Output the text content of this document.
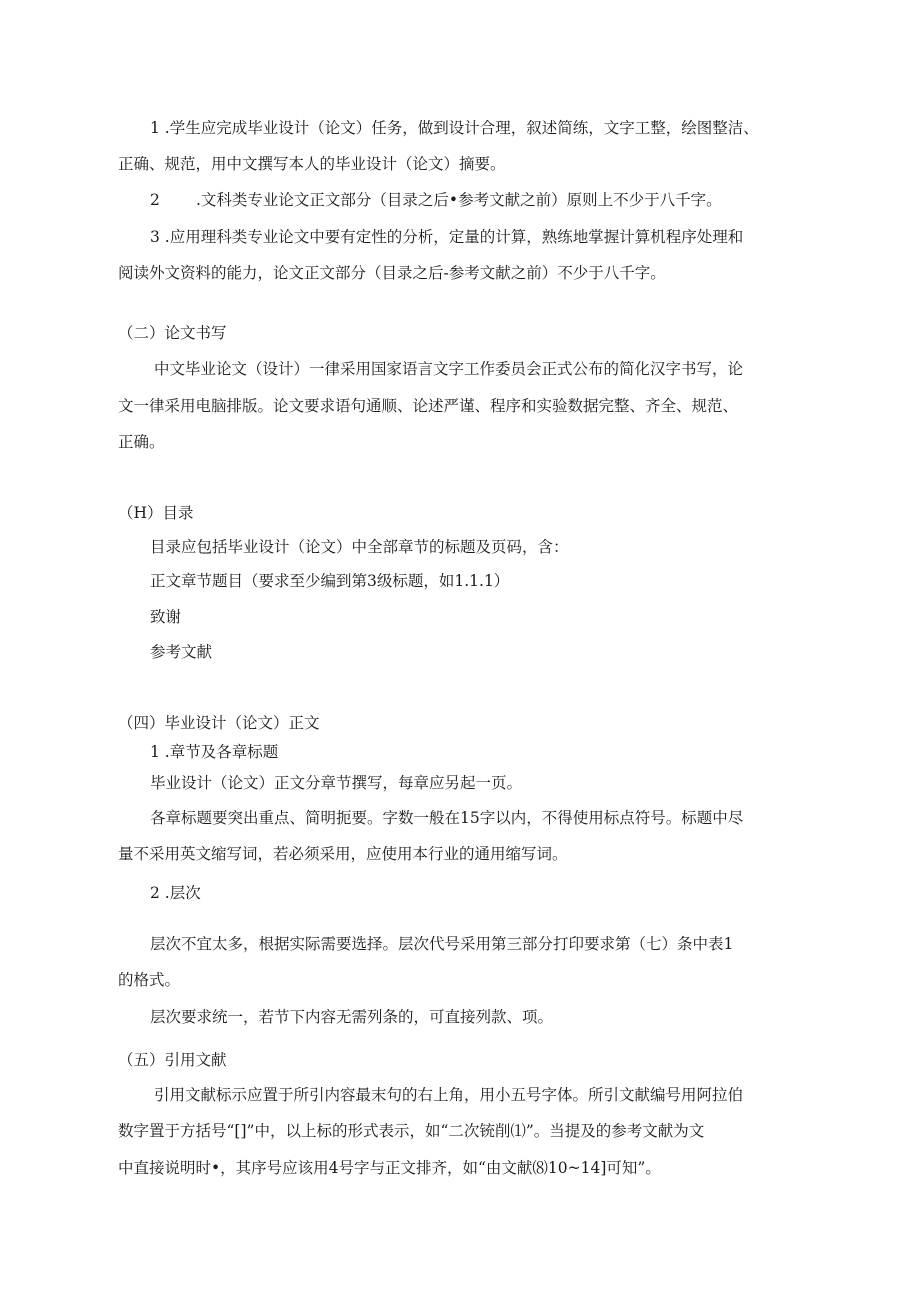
1 .学生应完成毕业设计（论文）任务，做到设计合理，叙述简练，文字工整，绘图整洁、
正确、规范，用中文撰写本人的毕业设计（论文）摘要。
2 .文科类专业论文正文部分（目录之后•参考文献之前）原则上不少于八千字。
3 .应用理科类专业论文中要有定性的分析，定量的计算，熟练地掌握计算机程序处理和
阅读外文资料的能力，论文正文部分（目录之后-参考文献之前）不少于八千字。
（二）论文书写
中文毕业论文（设计）一律采用国家语言文字工作委员会正式公布的简化汉字书写，论
文一律采用电脑排版。论文要求语句通顺、论述严谨、程序和实验数据完整、齐全、规范、
正确。
（H）目录
目录应包括毕业设计（论文）中全部章节的标题及页码，含：
正文章节题目（要求至少编到第3级标题，如1.1.1）
致谢
参考文献
（四）毕业设计（论文）正文
1 .章节及各章标题
毕业设计（论文）正文分章节撰写，每章应另起一页。
各章标题要突出重点、简明扼要。字数一般在15字以内，不得使用标点符号。标题中尽
量不采用英文缩写词，若必须采用，应使用本行业的通用缩写词。
2 .层次
层次不宜太多，根据实际需要选择。层次代号采用第三部分打印要求第（七）条中表1
的格式。
层次要求统一，若节下内容无需列条的，可直接列款、项。
（五）引用文献
引用文献标示应置于所引内容最末句的右上角，用小五号字体。所引文献编号用阿拉伯
数字置于方括号“[]”中，以上标的形式表示，如“二次铳削⑴”。当提及的参考文献为文
中直接说明时•，其序号应该用4号字与正文排齐，如“由文献⑻10~14]可知”。
